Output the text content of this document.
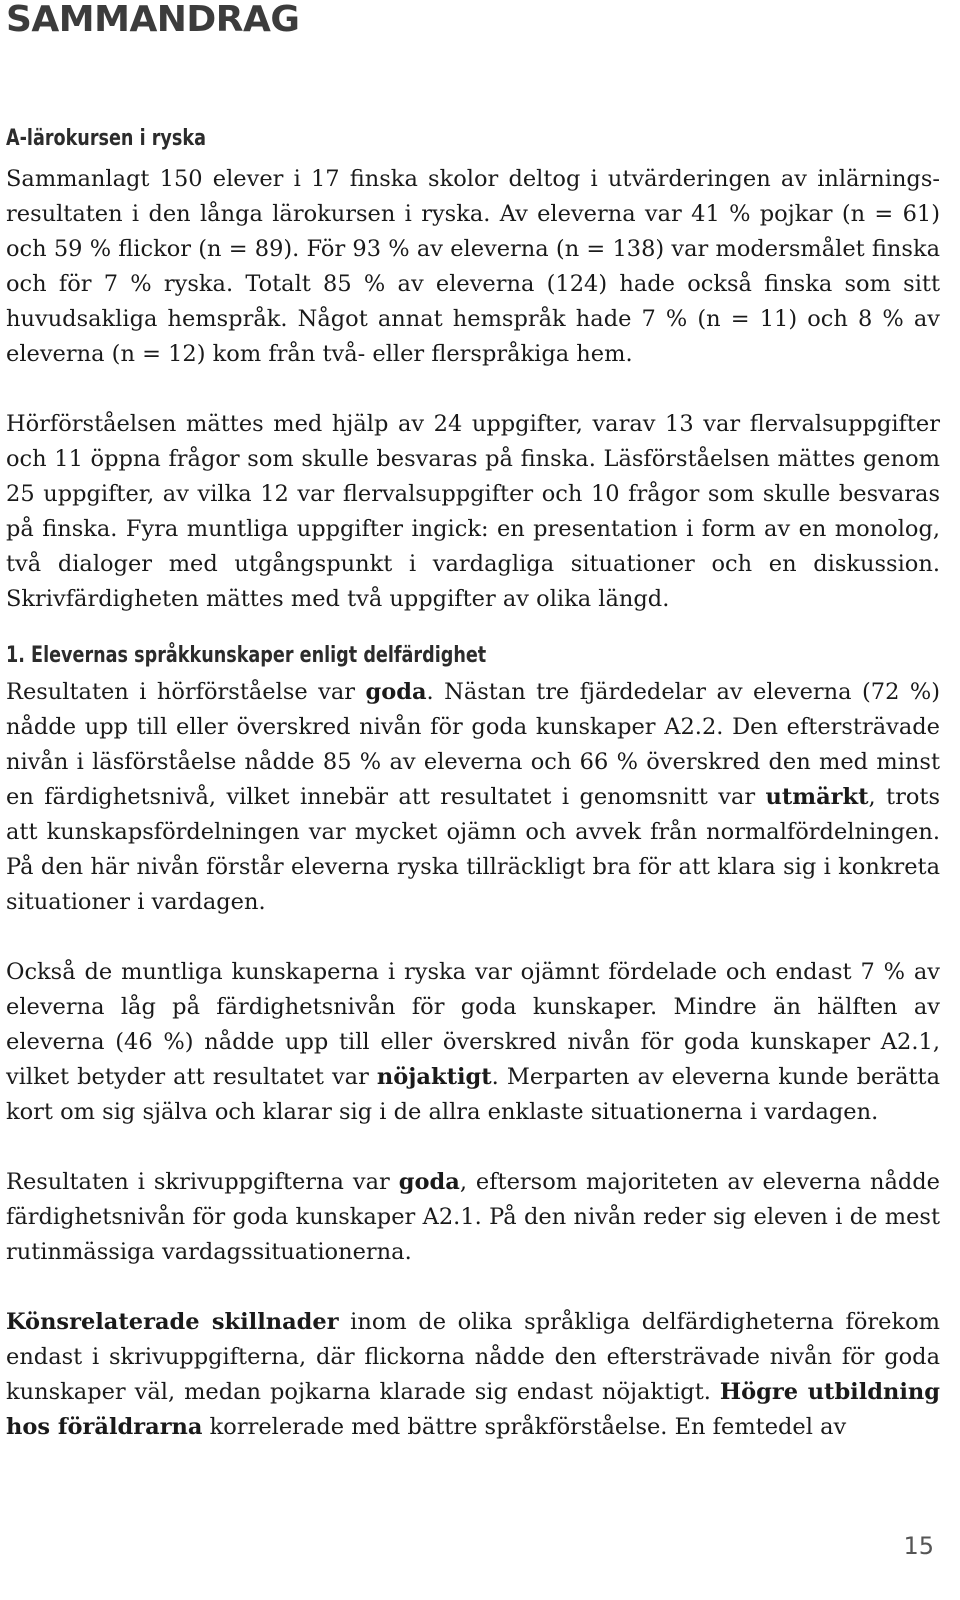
SAMMANDRAG
A-lärokursen i ryska

Sammanlagt 150 elever i 17 finska skolor deltog i utvärderingen av inlärningsresultaten i den långa lärokursen i ryska. Av eleverna var 41 % pojkar (n = 61) och 59 % flickor (n = 89). För 93 % av eleverna (n = 138) var modersmålet finska och för 7 % ryska. Totalt 85 % av eleverna (124) hade också finska som sitt huvudsakliga hemspråk. Något annat hemspråk hade 7 % (n = 11) och 8 % av eleverna (n = 12) kom från två- eller flerspråkiga hem.

Hörförståelsen mättes med hjälp av 24 uppgifter, varav 13 var flervalsuppgifter och 11 öppna frågor som skulle besvaras på finska. Läsförståelsen mättes genom 25 uppgifter, av vilka 12 var flervalsuppgifter och 10 frågor som skulle besvaras på finska. Fyra muntliga uppgifter ingick: en presentation i form av en monolog, två dialoger med utgångspunkt i vardagliga situationer och en diskussion. Skrivfärdigheten mättes med två uppgifter av olika längd.

1. Elevernas språkkunskaper enligt delfärdighet

Resultaten i hörförståelse var goda. Nästan tre fjärdedelar av eleverna (72 %) nådde upp till eller överskred nivån för goda kunskaper A2.2. Den eftersträvade nivån i läsförståelse nådde 85 % av eleverna och 66 % överskred den med minst en färdighetsnivå, vilket innebär att resultatet i genomsnitt var utmärkt, trots att kunskapsfördelningen var mycket ojämn och avvek från normalfördelningen. På den här nivån förstår eleverna ryska tillräckligt bra för att klara sig i konkreta situationer i vardagen.

Också de muntliga kunskaperna i ryska var ojämnt fördelade och endast 7 % av eleverna låg på färdighetsnivån för goda kunskaper. Mindre än hälften av eleverna (46 %) nådde upp till eller överskred nivån för goda kunskaper A2.1, vilket betyder att resultatet var nöjaktigt. Merparten av eleverna kunde berätta kort om sig själva och klarar sig i de allra enklaste situationerna i vardagen.

Resultaten i skrivuppgifterna var goda, eftersom majoriteten av eleverna nådde färdighetsnivån för goda kunskaper A2.1. På den nivån reder sig eleven i de mest rutinmässiga vardagssituationerna.

Könsrelaterade skillnader inom de olika språkliga delfärdigheterna förekom endast i skrivuppgifterna, där flickorna nådde den eftersträvade nivån för goda kunskaper väl, medan pojkarna klarade sig endast nöjaktigt. Högre utbildning hos föräldrarna korrelerade med bättre språkförståelse. En femtedel av

15
